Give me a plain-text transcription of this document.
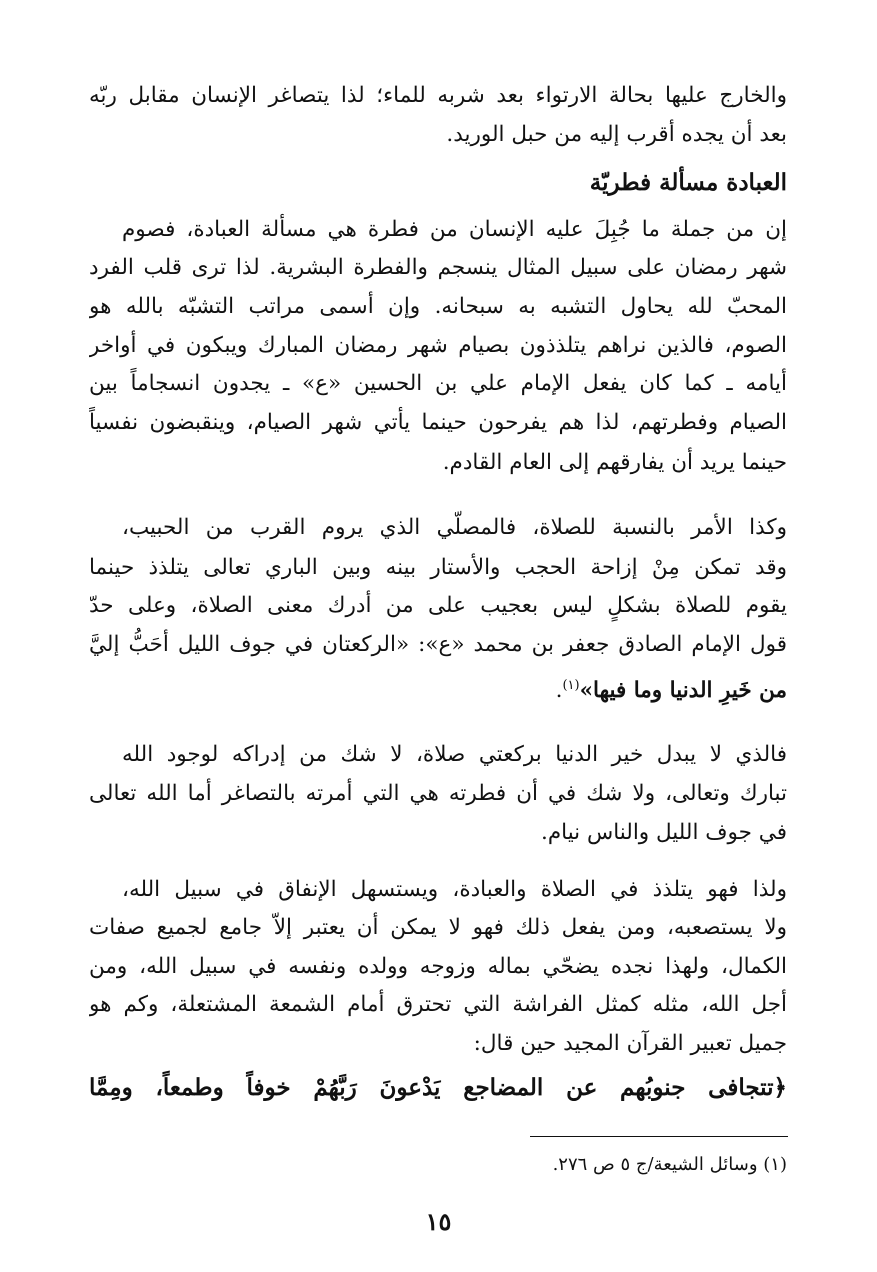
والخارج عليها بحالة الارتواء بعد شربه للماء؛ لذا يتصاغر الإنسان مقابل ربّه
بعد أن يجده أقرب إليه من حبل الوريد.
العبادة مسألة فطريّة
إن من جملة ما جُبِلَ عليه الإنسان من فطرة هي مسألة العبادة، فصوم
شهر رمضان على سبيل المثال ينسجم والفطرة البشرية. لذا ترى قلب الفرد
المحبّ لله يحاول التشبه به سبحانه. وإن أسمى مراتب التشبّه بالله هو
الصوم، فالذين نراهم يتلذذون بصيام شهر رمضان المبارك ويبكون في أواخر
أيامه ـ كما كان يفعل الإمام علي بن الحسين «ع» ـ يجدون انسجاماً بين
الصيام وفطرتهم، لذا هم يفرحون حينما يأتي شهر الصيام، وينقبضون نفسياً
حينما يريد أن يفارقهم إلى العام القادم.
وكذا الأمر بالنسبة للصلاة، فالمصلّي الذي يروم القرب من الحبيب،
وقد تمكن مِنْ إزاحة الحجب والأستار بينه وبين الباري تعالى يتلذذ حينما
يقوم للصلاة بشكلٍ ليس بعجيب على من أدرك معنى الصلاة، وعلى حدّ
قول الإمام الصادق جعفر بن محمد «ع»: «الركعتان في جوف الليل أحَبُّ إليَّ
من خَيرِ الدنيا وما فيها»$^{(١)}$.
فالذي لا يبدل خير الدنيا بركعتي صلاة، لا شك من إدراكه لوجود الله
تبارك وتعالى، ولا شك في أن فطرته هي التي أمرته بالتصاغر أما الله تعالى
في جوف الليل والناس نيام.
ولذا فهو يتلذذ في الصلاة والعبادة، ويستسهل الإنفاق في سبيل الله،
ولا يستصعبه، ومن يفعل ذلك فهو لا يمكن أن يعتبر إلاّ جامع لجميع صفات
الكمال، ولهذا نجده يضحّي بماله وزوجه وولده ونفسه في سبيل الله، ومن
أجل الله، مثله كمثل الفراشة التي تحترق أمام الشمعة المشتعلة، وكم هو
جميل تعبير القرآن المجيد حين قال:
﴿تتجافى جنوبُهم عن المضاجع يَدْعونَ رَبَّهُمْ خوفاً وطمعاً، ومِمَّا
(١) وسائل الشيعة/ج ٥ ص ٢٧٦.
١٥
